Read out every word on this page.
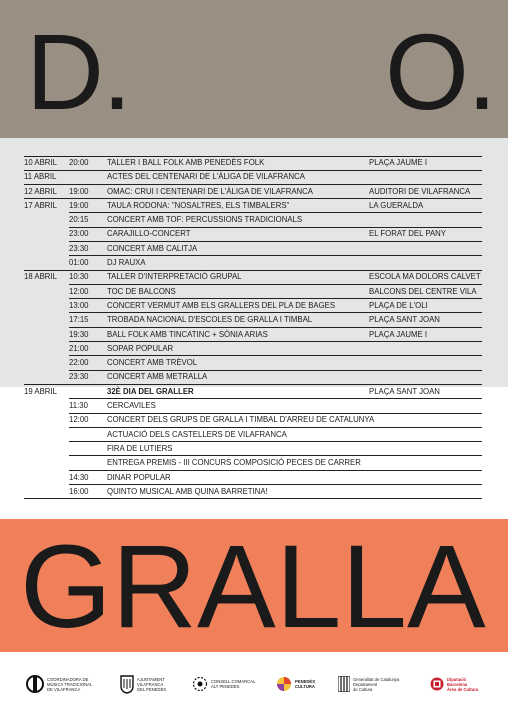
D. O.
10 ABRIL	20:00	TALLER I BALL FOLK AMB PENEDÈS FOLK	PLAÇA JAUME I
11 ABRIL	ACTES DEL CENTENARI DE L'ÀLIGA DE VILAFRANCA
12 ABRIL	19:00	OMAC: CRUI I CENTENARI DE L'ÀLIGA DE VILAFRANCA	AUDITORI DE VILAFRANCA
17 ABRIL	19:00	TAULA RODONA: "NOSALTRES, ELS TIMBALERS"	LA GUERALDA
20:15	CONCERT AMB TOF: PERCUSSIONS TRADICIONALS
23:00	CARAJILLO-CONCERT	EL FORAT DEL PANY
23:30	CONCERT AMB CALITJA
01:00	DJ RAUXA
18 ABRIL	10:30	TALLER D'INTERPRETACIÓ GRUPAL	ESCOLA MA DOLORS CALVET
12:00	TOC DE BALCONS	BALCONS DEL CENTRE VILA
13:00	CONCERT VERMUT AMB ELS GRALLERS DEL PLA DE BAGES	PLAÇA DE L'OLI
17:15	TROBADA NACIONAL D'ESCOLES DE GRALLA I TIMBAL	PLAÇA SANT JOAN
19:30	BALL FOLK AMB TINCATINC + SÒNIA ARIAS	PLAÇA JAUME I
21:00	SOPAR POPULAR
22:00	CONCERT AMB TRÈVOL
23:30	CONCERT AMB METRALLA
19 ABRIL	32È DIA DEL GRALLER	PLAÇA SANT JOAN
11:30	CERCAVILES
12:00	CONCERT DELS GRUPS DE GRALLA I TIMBAL D'ARREU DE CATALUNYA
ACTUACIÓ DELS CASTELLERS DE VILAFRANCA
FIRA DE LUTIERS
ENTREGA PREMIS - III CONCURS COMPOSICIÓ PECES DE CARRER
14:30	DINAR POPULAR
16:00	QUINTO MUSICAL AMB QUINA BARRETINA!
GRALLA
COORDINADORA DE
MÚSICA TRADICIONAL
DE VILAFRANCA
AJUNTAMENT
VILAFRANCA
DEL PENEDÈS
CONSELL COMARCAL
ALT PENEDÈS
PENEDÈS
CULTURA
Generalitat de Catalunya
Departament
de Cultura
Diputació
Barcelona
Àrea de Cultura
